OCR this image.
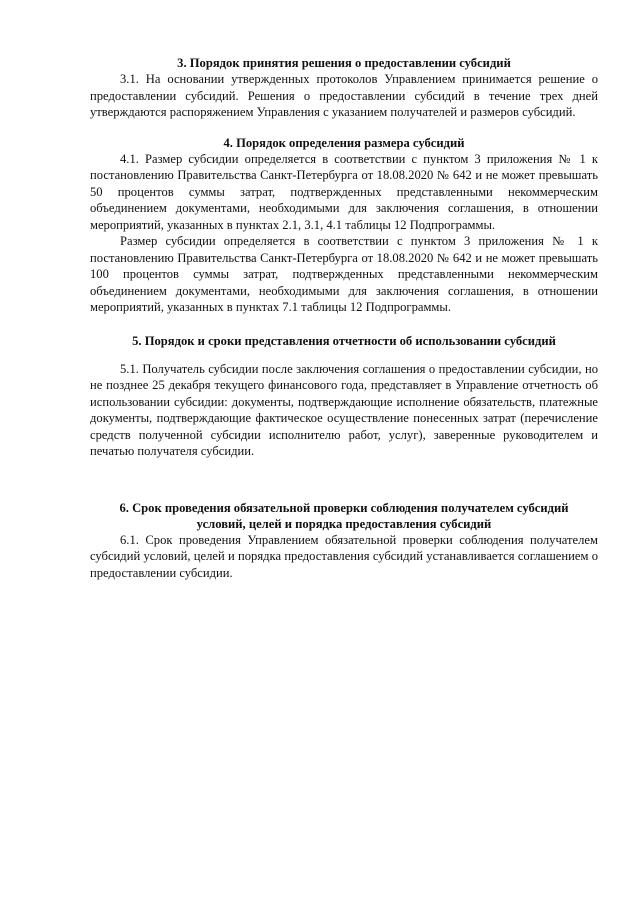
3. Порядок принятия решения о предоставлении субсидий

3.1. На основании утвержденных протоколов Управлением принимается решение о предоставлении субсидий. Решения о предоставлении субсидий в течение трех дней утверждаются распоряжением Управления с указанием получателей и размеров субсидий.

4. Порядок определения размера субсидий

4.1. Размер субсидии определяется в соответствии с пунктом 3 приложения № 1 к постановлению Правительства Санкт-Петербурга от 18.08.2020 № 642 и не может превышать 50 процентов суммы затрат, подтвержденных представленными некоммерческим объединением документами, необходимыми для заключения соглашения, в отношении мероприятий, указанных в пунктах 2.1, 3.1, 4.1 таблицы 12 Подпрограммы.

Размер субсидии определяется в соответствии с пунктом 3 приложения № 1 к постановлению Правительства Санкт-Петербурга от 18.08.2020 № 642 и не может превышать 100 процентов суммы затрат, подтвержденных представленными некоммерческим объединением документами, необходимыми для заключения соглашения, в отношении мероприятий, указанных в пунктах 7.1 таблицы 12 Подпрограммы.

5. Порядок и сроки представления отчетности об использовании субсидий

5.1. Получатель субсидии после заключения соглашения о предоставлении субсидии, но не позднее 25 декабря текущего финансового года, представляет в Управление отчетность об использовании субсидии: документы, подтверждающие исполнение обязательств, платежные документы, подтверждающие фактическое осуществление понесенных затрат (перечисление средств полученной субсидии исполнителю работ, услуг), заверенные руководителем и печатью получателя субсидии.

6. Срок проведения обязательной проверки соблюдения получателем субсидий

условий, целей и порядка предоставления субсидий

6.1. Срок проведения Управлением обязательной проверки соблюдения получателем субсидий условий, целей и порядка предоставления субсидий устанавливается соглашением о предоставлении субсидии.
